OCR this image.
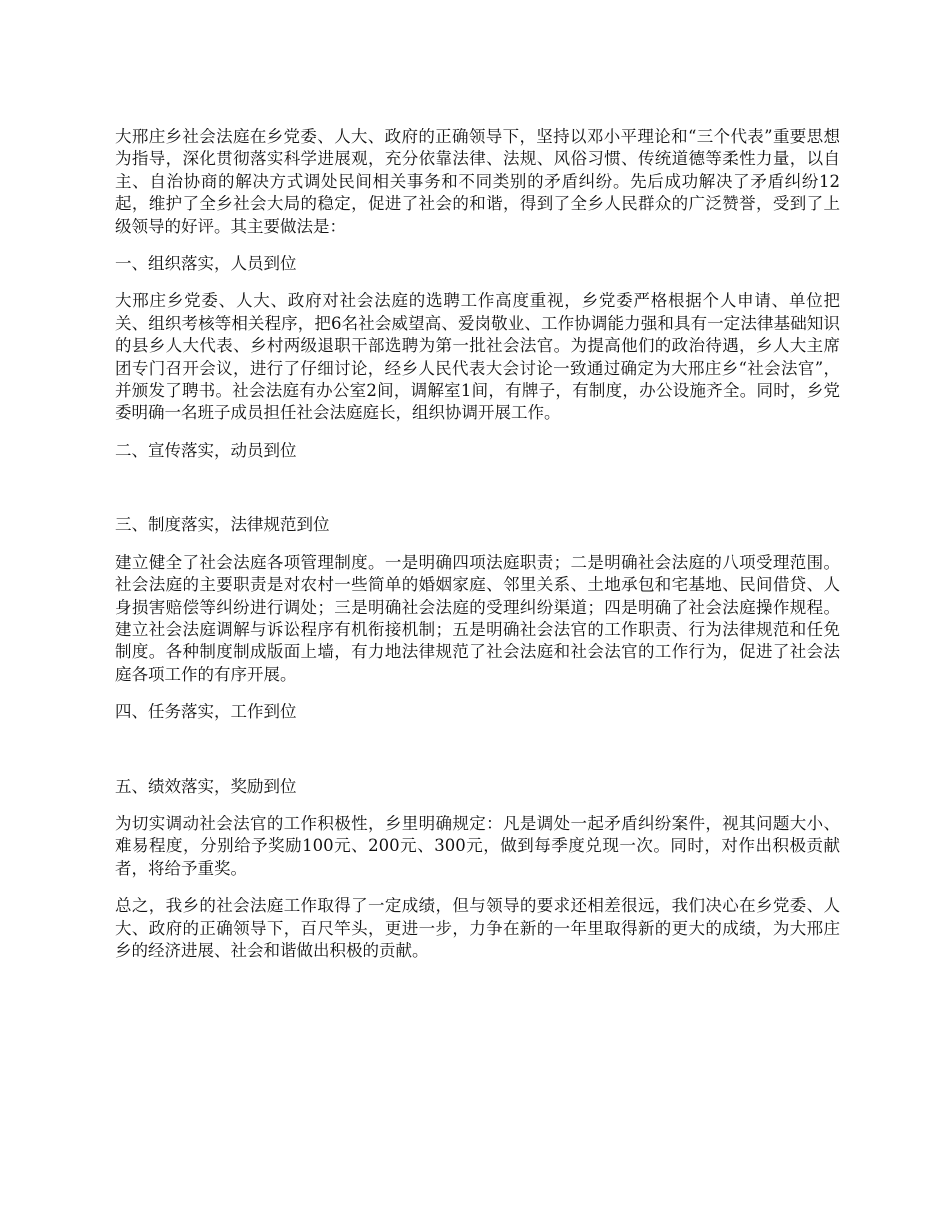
大邢庄乡社会法庭在乡党委、人大、政府的正确领导下，坚持以邓小平理论和“三个代表”重要思想为指导，深化贯彻落实科学进展观，充分依靠法律、法规、风俗习惯、传统道德等柔性力量，以自主、自治协商的解决方式调处民间相关事务和不同类别的矛盾纠纷。先后成功解决了矛盾纠纷12起，维护了全乡社会大局的稳定，促进了社会的和谐，得到了全乡人民群众的广泛赞誉，受到了上级领导的好评。其主要做法是：

一、组织落实，人员到位

大邢庄乡党委、人大、政府对社会法庭的选聘工作高度重视，乡党委严格根据个人申请、单位把关、组织考核等相关程序，把6名社会威望高、爱岗敬业、工作协调能力强和具有一定法律基础知识的县乡人大代表、乡村两级退职干部选聘为第一批社会法官。为提高他们的政治待遇，乡人大主席团专门召开会议，进行了仔细讨论，经乡人民代表大会讨论一致通过确定为大邢庄乡“社会法官”，并颁发了聘书。社会法庭有办公室2间，调解室1间，有牌子，有制度，办公设施齐全。同时，乡党委明确一名班子成员担任社会法庭庭长，组织协调开展工作。

二、宣传落实，动员到位

三、制度落实，法律规范到位

建立健全了社会法庭各项管理制度。一是明确四项法庭职责；二是明确社会法庭的八项受理范围。社会法庭的主要职责是对农村一些简单的婚姻家庭、邻里关系、土地承包和宅基地、民间借贷、人身损害赔偿等纠纷进行调处；三是明确社会法庭的受理纠纷渠道；四是明确了社会法庭操作规程。建立社会法庭调解与诉讼程序有机衔接机制；五是明确社会法官的工作职责、行为法律规范和任免制度。各种制度制成版面上墙，有力地法律规范了社会法庭和社会法官的工作行为，促进了社会法庭各项工作的有序开展。

四、任务落实，工作到位

五、绩效落实，奖励到位

为切实调动社会法官的工作积极性，乡里明确规定：凡是调处一起矛盾纠纷案件，视其问题大小、难易程度，分别给予奖励100元、200元、300元，做到每季度兑现一次。同时，对作出积极贡献者，将给予重奖。

总之，我乡的社会法庭工作取得了一定成绩，但与领导的要求还相差很远，我们决心在乡党委、人大、政府的正确领导下，百尺竿头，更进一步，力争在新的一年里取得新的更大的成绩，为大邢庄乡的经济进展、社会和谐做出积极的贡献。
